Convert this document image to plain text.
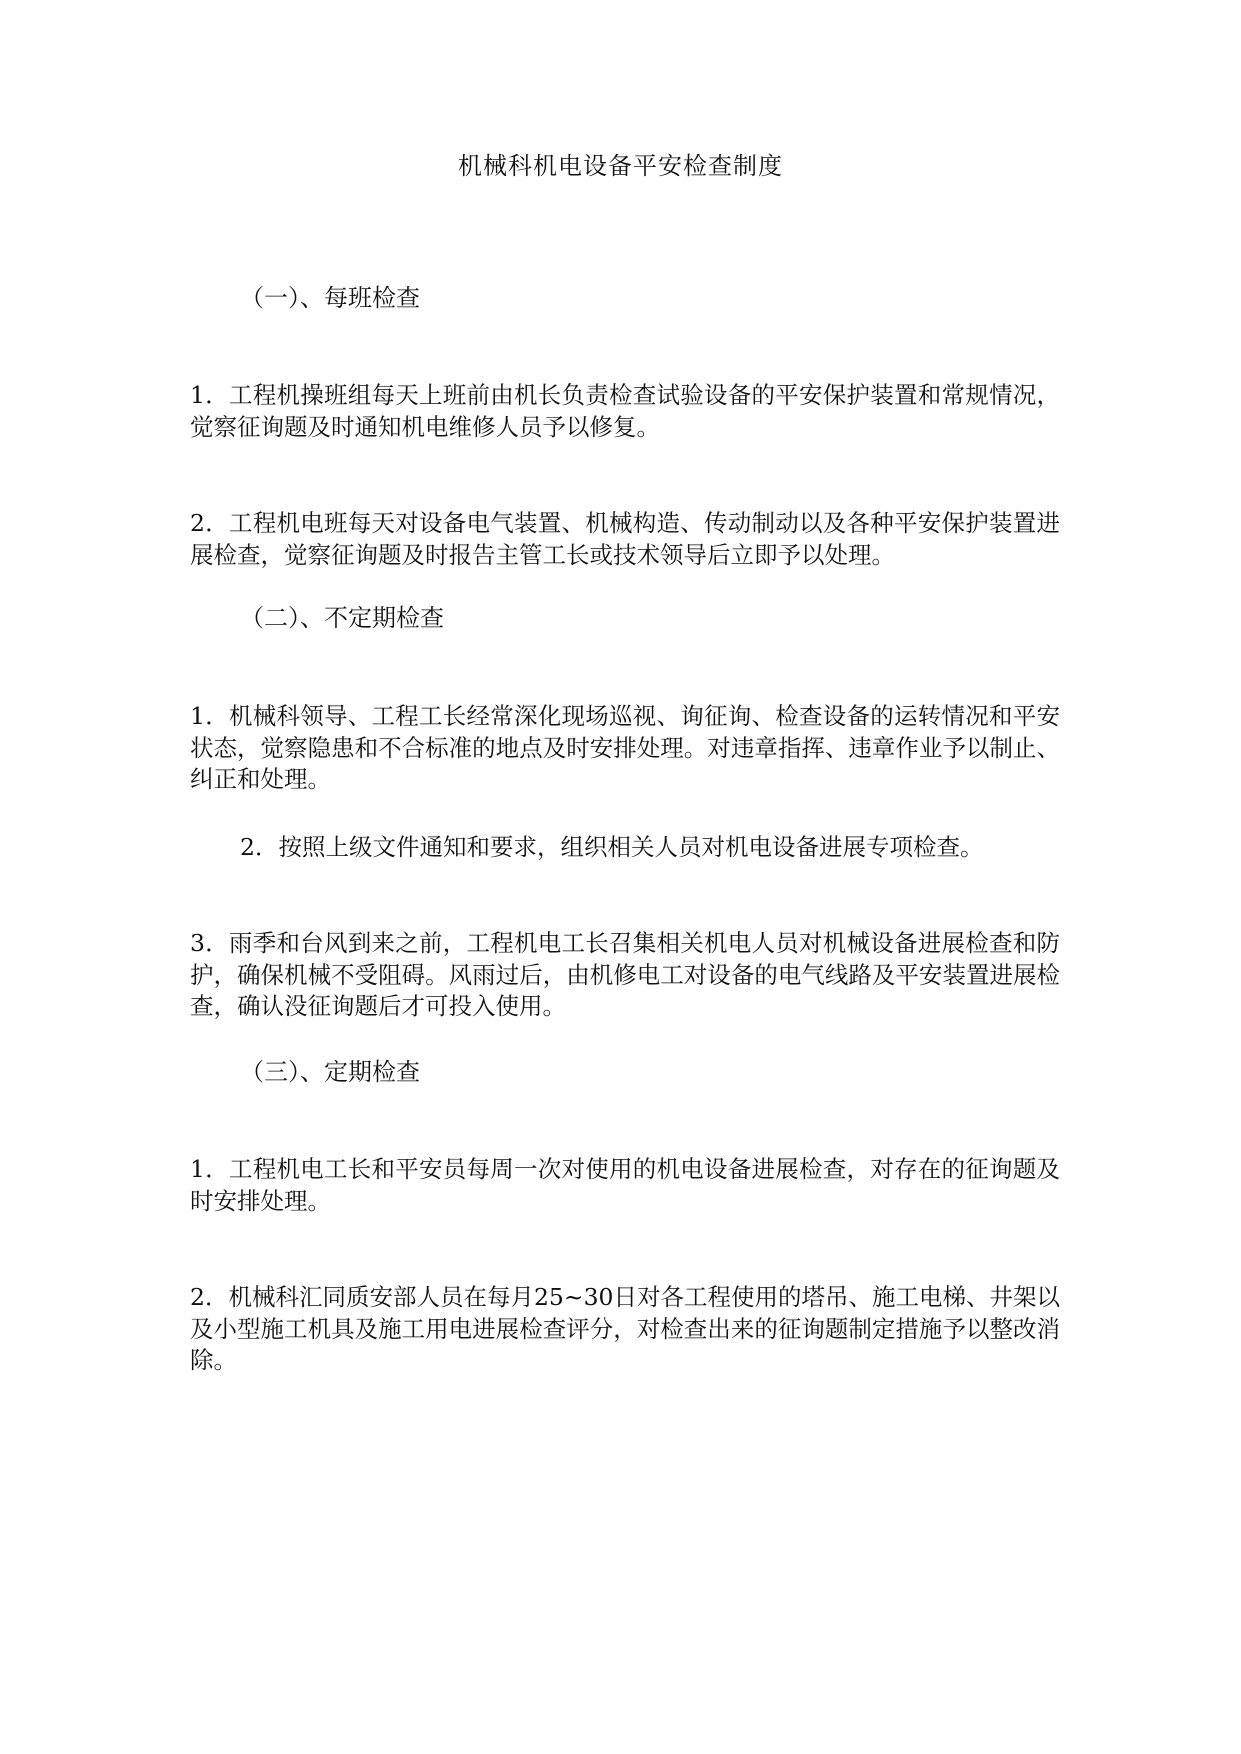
机械科机电设备平安检查制度
（一）、每班检查
1．工程机操班组每天上班前由机长负责检查试验设备的平安保护装置和常规情况，觉察征询题及时通知机电维修人员予以修复。
2．工程机电班每天对设备电气装置、机械构造、传动制动以及各种平安保护装置进展检查，觉察征询题及时报告主管工长或技术领导后立即予以处理。
（二）、不定期检查
1．机械科领导、工程工长经常深化现场巡视、询征询、检查设备的运转情况和平安状态，觉察隐患和不合标准的地点及时安排处理。对违章指挥、违章作业予以制止、纠正和处理。
2．按照上级文件通知和要求，组织相关人员对机电设备进展专项检查。
3．雨季和台风到来之前，工程机电工长召集相关机电人员对机械设备进展检查和防护，确保机械不受阻碍。风雨过后，由机修电工对设备的电气线路及平安装置进展检查，确认没征询题后才可投入使用。
（三）、定期检查
1．工程机电工长和平安员每周一次对使用的机电设备进展检查，对存在的征询题及时安排处理。
2．机械科汇同质安部人员在每月25~30日对各工程使用的塔吊、施工电梯、井架以及小型施工机具及施工用电进展检查评分，对检查出来的征询题制定措施予以整改消除。
